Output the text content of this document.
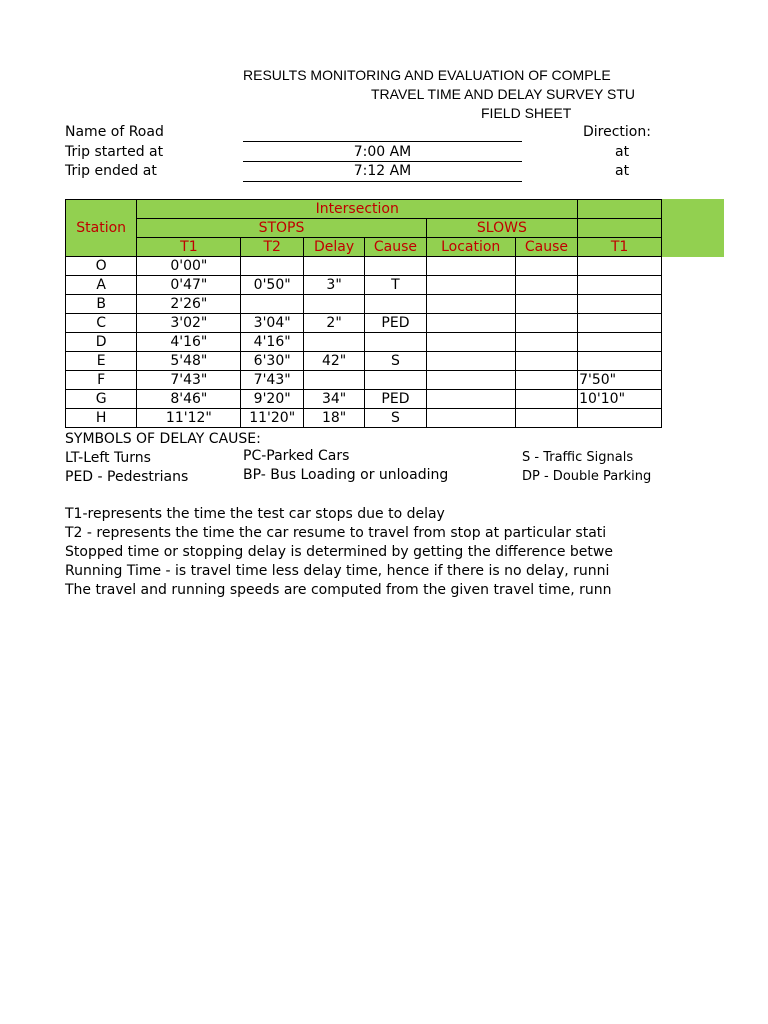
RESULTS MONITORING AND EVALUATION OF COMPLE
TRAVEL TIME AND DELAY SURVEY STU
FIELD SHEET
Name of Road	Direction:
Trip started at	7:00 AM	at
Trip ended at	7:12 AM	at
Station	Intersection						
	STOPS				SLOWS		
	T1	T2	Delay	Cause	Location	Cause	T1
O	0'00"						
A	0'47"	0'50"	3"	T			
B	2'26"						
C	3'02"	3'04"	2"	PED			
D	4'16"	4'16"					
E	5'48"	6'30"	42"	S			
F	7'43"	7'43"					7'50"
G	8'46"	9'20"	34"	PED			10'10"
H	11'12"	11'20"	18"	S			
SYMBOLS OF DELAY CAUSE:
LT-Left Turns	PC-Parked Cars	S - Traffic Signals
PED - Pedestrians	BP- Bus Loading or unloading	DP - Double Parking
T1-represents the time the test car stops due to delay
T2 - represents the time the car resume to travel from stop at particular stati
Stopped time or stopping delay is determined by getting the difference betwe
Running Time - is travel time less delay time, hence if there is no delay, runni
The travel and running speeds are computed from the given travel time, runn
